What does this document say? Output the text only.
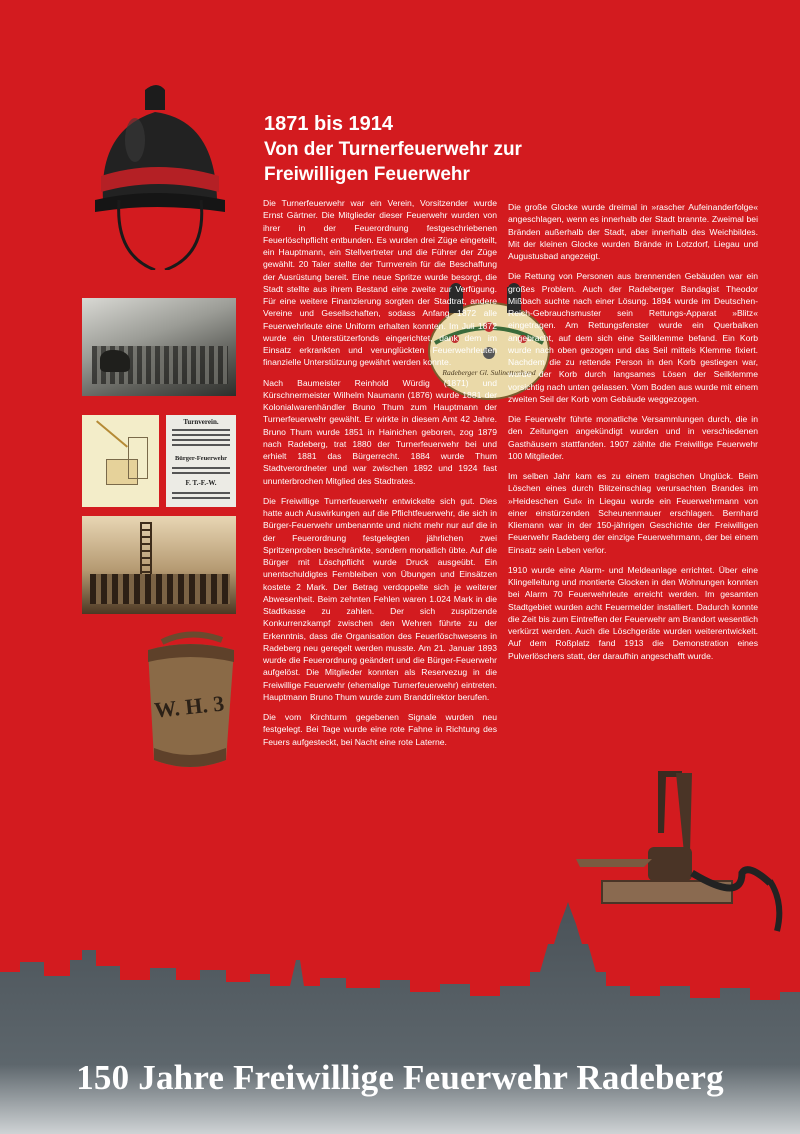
Turnverein.
Bürger-Feuerwehr
F. T.-F.-W.
W. H. 3
Radeberger Gl. Sulinettenbund
1871 bis 1914
Von der Turnerfeuerwehr zur
Freiwilligen Feuerwehr

Die Turnerfeuerwehr war ein Verein, Vorsitzender wurde Ernst Gärtner. Die Mitglieder dieser Feuerwehr wurden von ihrer in der Feuerordnung festgeschriebenen Feuerlöschpflicht entbunden. Es wurden drei Züge eingeteilt, ein Hauptmann, ein Stellvertreter und die Führer der Züge gewählt. 20 Taler stellte der Turnverein für die Beschaffung der Ausrüstung bereit. Eine neue Spritze wurde besorgt, die Stadt stellte aus ihrem Bestand eine zweite zur Verfügung. Für eine weitere Finanzierung sorgten der Stadtrat, andere Vereine und Gesellschaften, sodass Anfang 1872 alle Feuerwehrleute eine Uniform erhalten konnten. Im Juli 1872 wurde ein Unterstützerfonds eingerichtet, dank dem im Einsatz erkrankten und verunglückten Feuerwehrleuten finanzielle Unterstützung gewährt werden konnte.

Nach Baumeister Reinhold Würdig (1871) und Kürschnermeister Wilhelm Naumann (1876) wurde 1881 der Kolonialwarenhändler Bruno Thum zum Hauptmann der Turnerfeuerwehr gewählt. Er wirkte in diesem Amt 42 Jahre. Bruno Thum wurde 1851 in Hainichen geboren, zog 1879 nach Radeberg, trat 1880 der Turnerfeuerwehr bei und erhielt 1881 das Bürgerrecht. 1884 wurde Thum Stadtverordneter und war zwischen 1892 und 1924 fast ununterbrochen Mitglied des Stadtrates.

Die Freiwillige Turnerfeuerwehr entwickelte sich gut. Dies hatte auch Auswirkungen auf die Pflichtfeuerwehr, die sich in Bürger-Feuerwehr umbenannte und nicht mehr nur auf die in der Feuerordnung festgelegten jährlichen zwei Spritzenproben beschränkte, sondern monatlich übte. Auf die Bürger mit Löschpflicht wurde Druck ausgeübt. Ein unentschuldigtes Fernbleiben von Übungen und Einsätzen kostete 2 Mark. Der Betrag verdoppelte sich je weiterer Abwesenheit. Beim zehnten Fehlen waren 1.024 Mark in die Stadtkasse zu zahlen. Der sich zuspitzende Konkurrenzkampf zwischen den Wehren führte zu der Erkenntnis, dass die Organisation des Feuerlöschwesens in Radeberg neu geregelt werden musste. Am 21. Januar 1893 wurde die Feuerordnung geändert und die Bürger-Feuerwehr aufgelöst. Die Mitglieder konnten als Reservezug in die Freiwillige Feuerwehr (ehemalige Turnerfeuerwehr) eintreten. Hauptmann Bruno Thum wurde zum Branddirektor berufen.

Die vom Kirchturm gegebenen Signale wurden neu festgelegt. Bei Tage wurde eine rote Fahne in Richtung des Feuers aufgesteckt, bei Nacht eine rote Laterne.

Die große Glocke wurde dreimal in »rascher Aufeinanderfolge« angeschlagen, wenn es innerhalb der Stadt brannte. Zweimal bei Bränden außerhalb der Stadt, aber innerhalb des Weichbildes. Mit der kleinen Glocke wurden Brände in Lotzdorf, Liegau und Augustusbad angezeigt.

Die Rettung von Personen aus brennenden Gebäuden war ein großes Problem. Auch der Radeberger Bandagist Theodor Mißbach suchte nach einer Lösung. 1894 wurde im Deutschen-Reich-Gebrauchsmuster sein Rettungs-Apparat »Blitz« eingetragen. Am Rettungsfenster wurde ein Querbalken angebracht, auf dem sich eine Seilklemme befand. Ein Korb wurde nach oben gezogen und das Seil mittels Klemme fixiert. Nachdem die zu rettende Person in den Korb gestiegen war, wurde der Korb durch langsames Lösen der Seilklemme vorsichtig nach unten gelassen. Vom Boden aus wurde mit einem zweiten Seil der Korb vom Gebäude weggezogen.

Die Feuerwehr führte monatliche Versammlungen durch, die in den Zeitungen angekündigt wurden und in verschiedenen Gasthäusern stattfanden. 1907 zählte die Freiwillige Feuerwehr 100 Mitglieder.

Im selben Jahr kam es zu einem tragischen Unglück. Beim Löschen eines durch Blitzeinschlag verursachten Brandes im »Heideschen Gut« in Liegau wurde ein Feuerwehrmann von einer einstürzenden Scheunenmauer erschlagen. Bernhard Kliemann war in der 150-jährigen Geschichte der Freiwilligen Feuerwehr Radeberg der einzige Feuerwehrmann, der bei einem Einsatz sein Leben verlor.

1910 wurde eine Alarm- und Meldeanlage errichtet. Über eine Klingelleitung und montierte Glocken in den Wohnungen konnten bei Alarm 70 Feuerwehrleute erreicht werden. Im gesamten Stadtgebiet wurden acht Feuermelder installiert. Dadurch konnte die Zeit bis zum Eintreffen der Feuerwehr am Brandort wesentlich verkürzt werden. Auch die Löschgeräte wurden weiterentwickelt. Auf dem Roßplatz fand 1913 die Demonstration eines Pulverlöschers statt, der daraufhin angeschafft wurde.

150 Jahre Freiwillige Feuerwehr Radeberg
